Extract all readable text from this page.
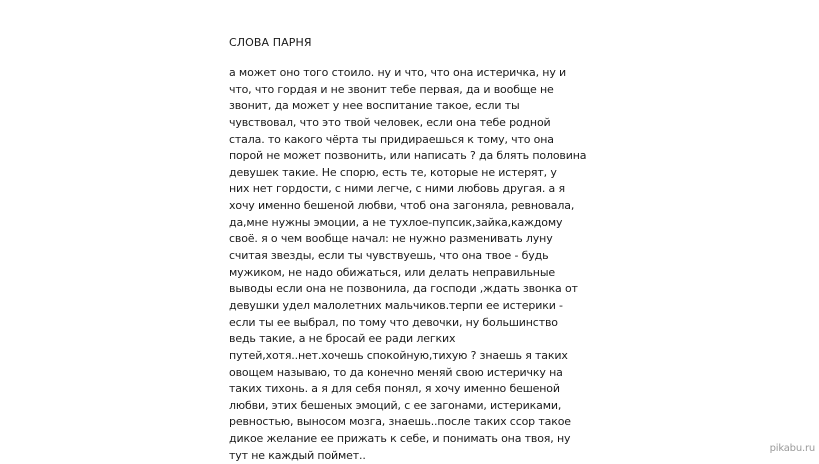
СЛОВА ПАРНЯ
а может оно того стоило. ну и что, что она истеричка, ну и
что, что гордая и не звонит тебе первая, да и вообще не
звонит, да может у нее воспитание такое, если ты
чувствовал, что это твой человек, если она тебе родной
стала. то какого чёрта ты придираешься к тому, что она
порой не может позвонить, или написать ? да блять половина
девушек такие. Не спорю, есть те, которые не истерят, у
них нет гордости, с ними легче, с ними любовь другая. а я
хочу именно бешеной любви, чтоб она загоняла, ревновала,
да,мне нужны эмоции, а не тухлое-пупсик,зайка,каждому
своё. я о чем вообще начал: не нужно разменивать луну
считая звезды, если ты чувствуешь, что она твое - будь
мужиком, не надо обижаться, или делать неправильные
выводы если она не позвонила, да господи ,ждать звонка от
девушки удел малолетних мальчиков.терпи ее истерики -
если ты ее выбрал, по тому что девочки, ну большинство
ведь такие, а не бросай ее ради легких
путей,хотя..нет.хочешь спокойную,тихую ? знаешь я таких
овощем называю, то да конечно меняй свою истеричку на
таких тихонь. а я для себя понял, я хочу именно бешеной
любви, этих бешеных эмоций, с ее загонами, истериками,
ревностью, выносом мозга, знаешь..после таких ссор такое
дикое желание ее прижать к себе, и понимать она твоя, ну
тут не каждый поймет..
pikabu.ru
